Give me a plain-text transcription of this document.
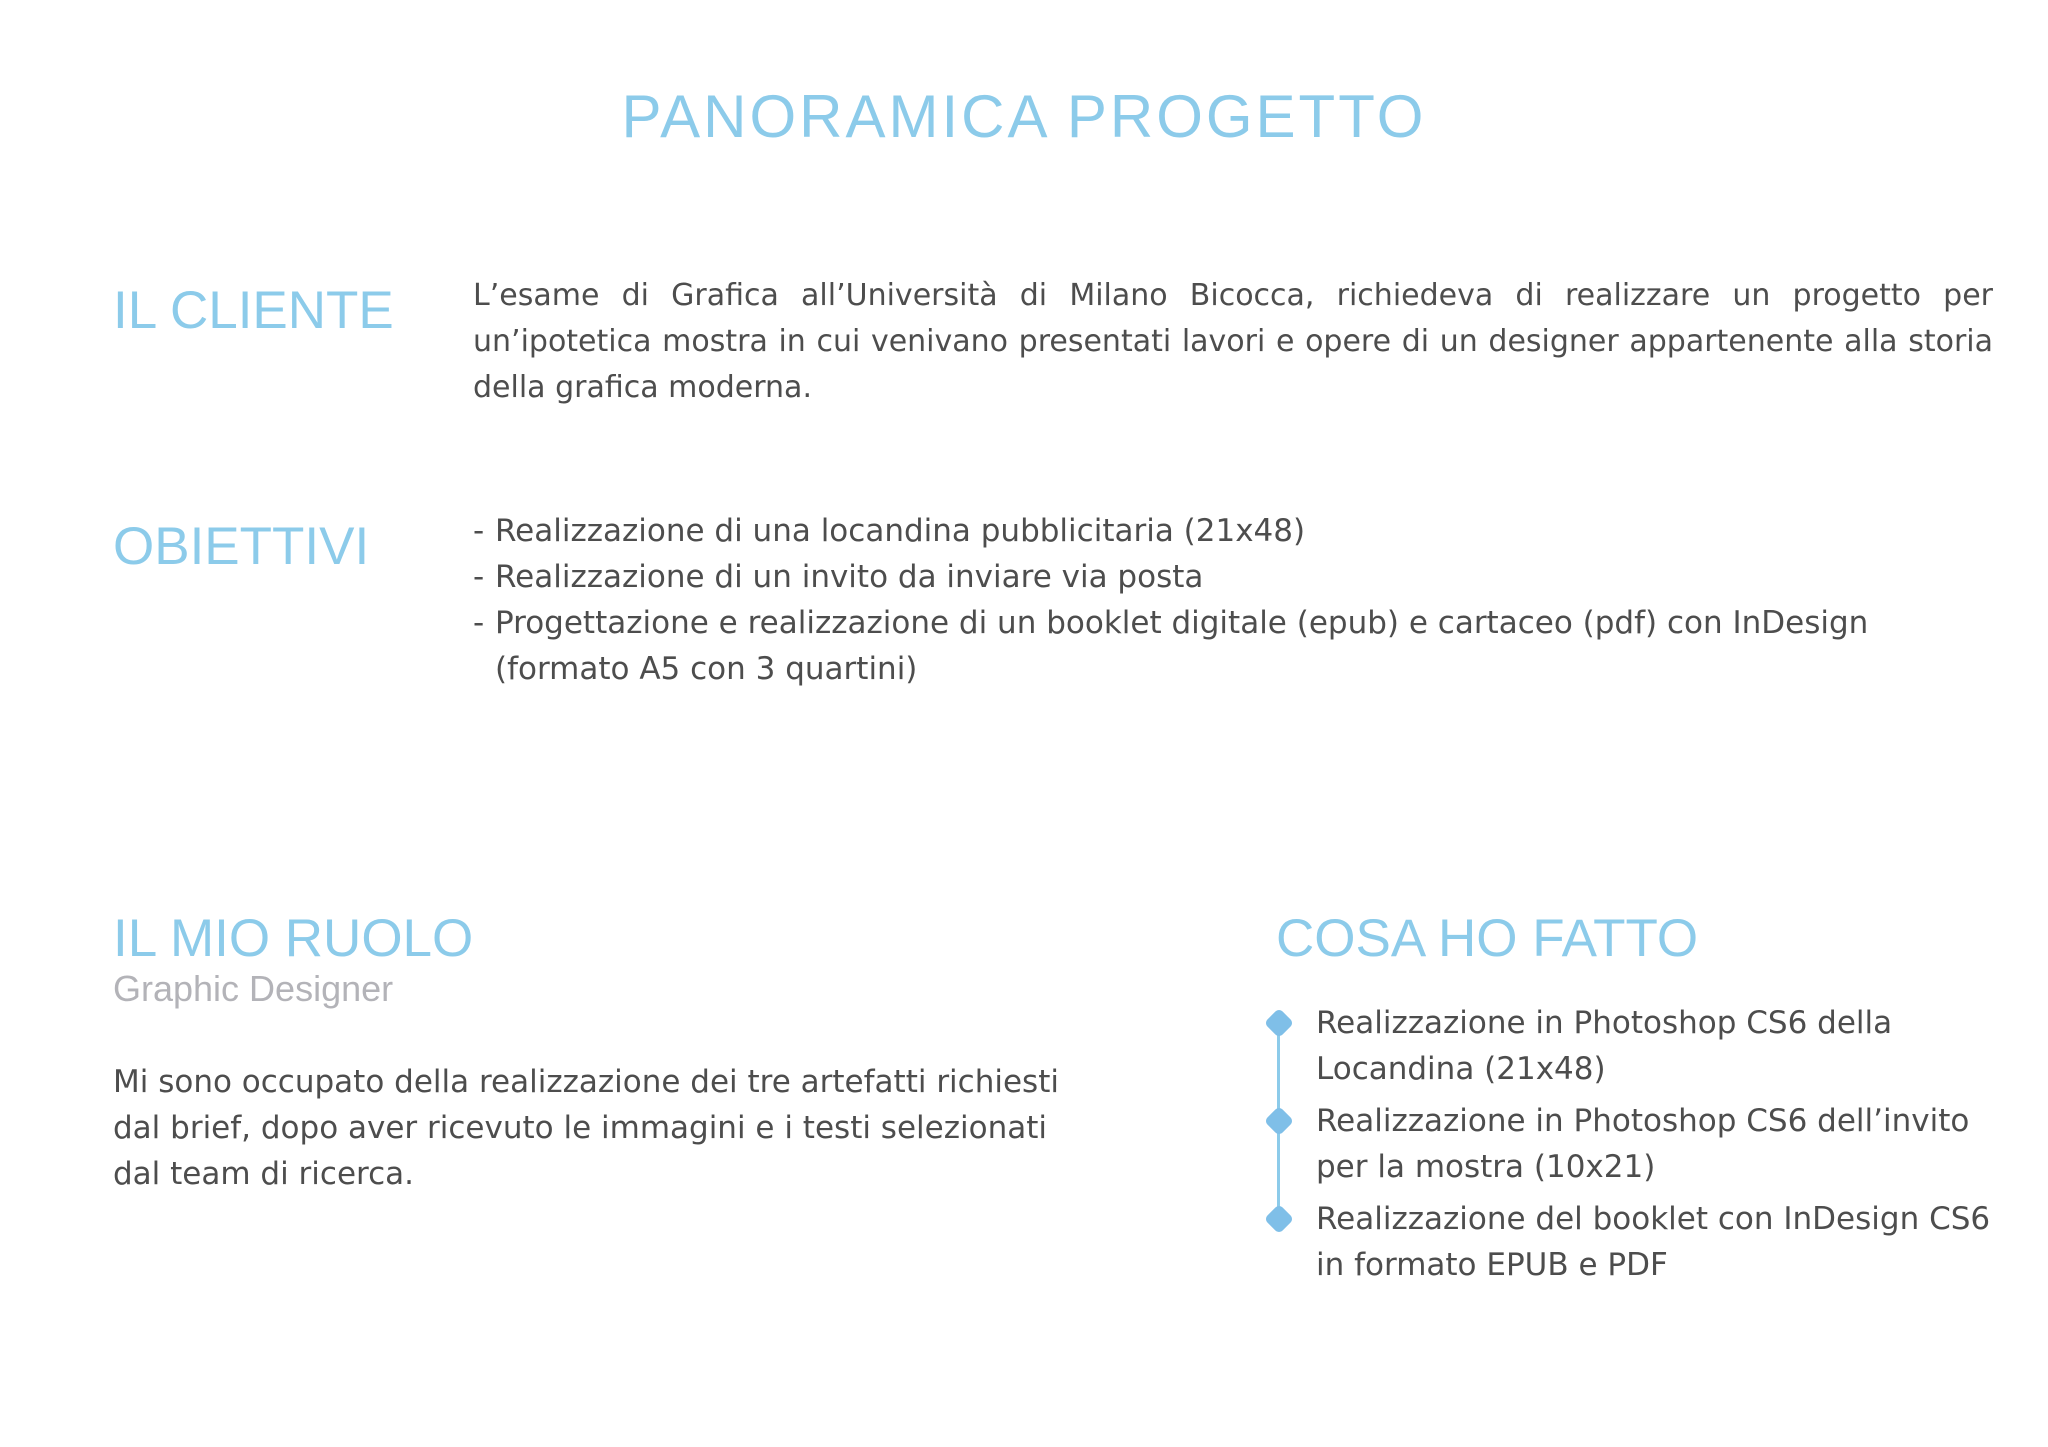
PANORAMICA PROGETTO
IL CLIENTE	L’esame di Grafica all’Università di Milano Bicocca, richiedeva di realizzare un progetto per un’ipotetica mostra in cui venivano presentati lavori e opere di un designer appartenente alla storia della grafica moderna.

OBIETTIVI	- Realizzazione di una locandina pubblicitaria (21x48)
- Realizzazione di un invito da inviare via posta
- Progettazione e realizzazione di un booklet digitale (epub) e cartaceo (pdf) con InDesign (formato A5 con 3 quartini)
IL MIO RUOLO

Graphic Designer

Mi sono occupato della realizzazione dei tre artefatti richiesti dal brief, dopo aver ricevuto le immagini e i testi selezionati dal team di ricerca.

COSA HO FATTO

Realizzazione in Photoshop CS6 della Locandina (21x48)

Realizzazione in Photoshop CS6 dell’invito per la mostra (10x21)

Realizzazione del booklet con InDesign CS6 in formato EPUB e PDF
